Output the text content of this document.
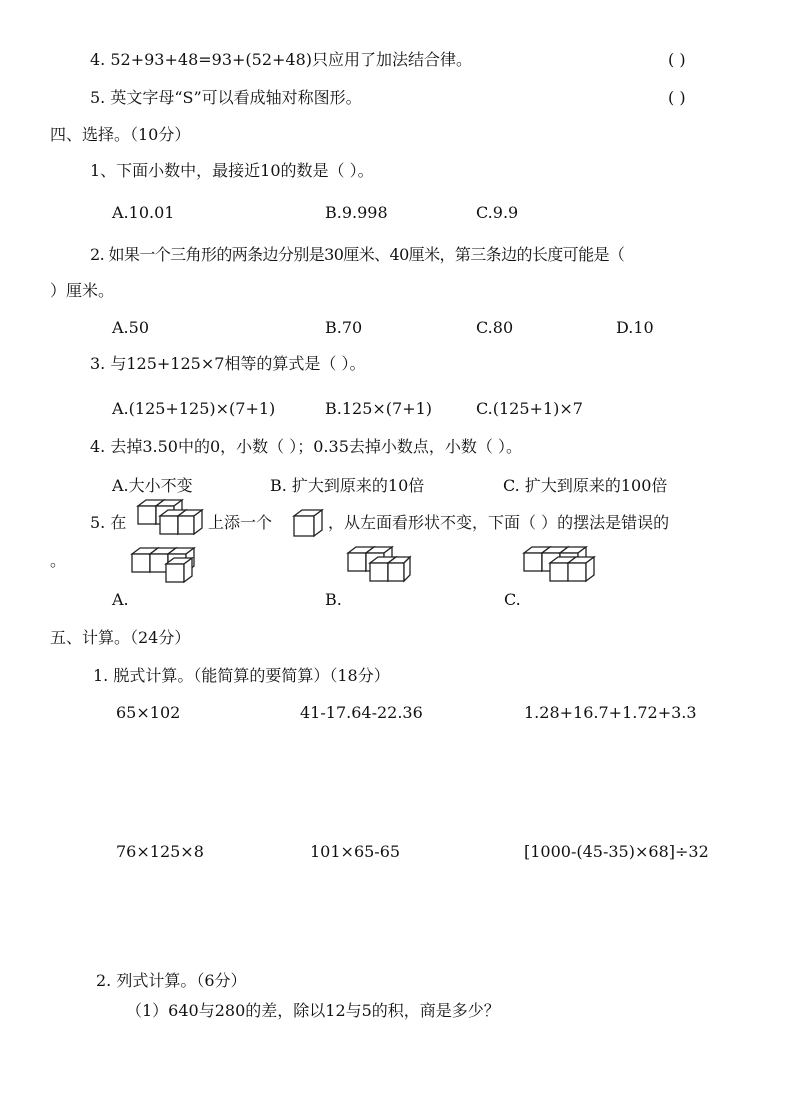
4. 52+93+48=93+(52+48)只应用了加法结合律。	( )
5. 英文字母“S”可以看成轴对称图形。	( )
四、选择。（10分）
1、下面小数中，最接近10的数是（ ）。
A.10.01	B.9.998	C.9.9
2. 如果一个三角形的两条边分别是30厘米、40厘米，第三条边的长度可能是（
）厘米。
A.50	B.70	C.80	D.10
3. 与125+125×7相等的算式是（ ）。
A.(125+125)×(7+1)	B.125×(7+1)	C.(125+1)×7
4. 去掉3.50中的0，小数（ ）；0.35去掉小数点，小数（ ）。
A.大小不变	B. 扩大到原来的10倍	C. 扩大到原来的100倍
5. 在	上添一个	，从左面看形状不变，下面（ ）的摆法是错误的
。
A.	B.	C.
五、计算。（24分）
1. 脱式计算。（能简算的要简算）（18分）
65×102	41-17.64-22.36	1.28+16.7+1.72+3.3
76×125×8	101×65-65	[1000-(45-35)×68]÷32
2. 列式计算。（6分）
（1）640与280的差，除以12与5的积，商是多少？
